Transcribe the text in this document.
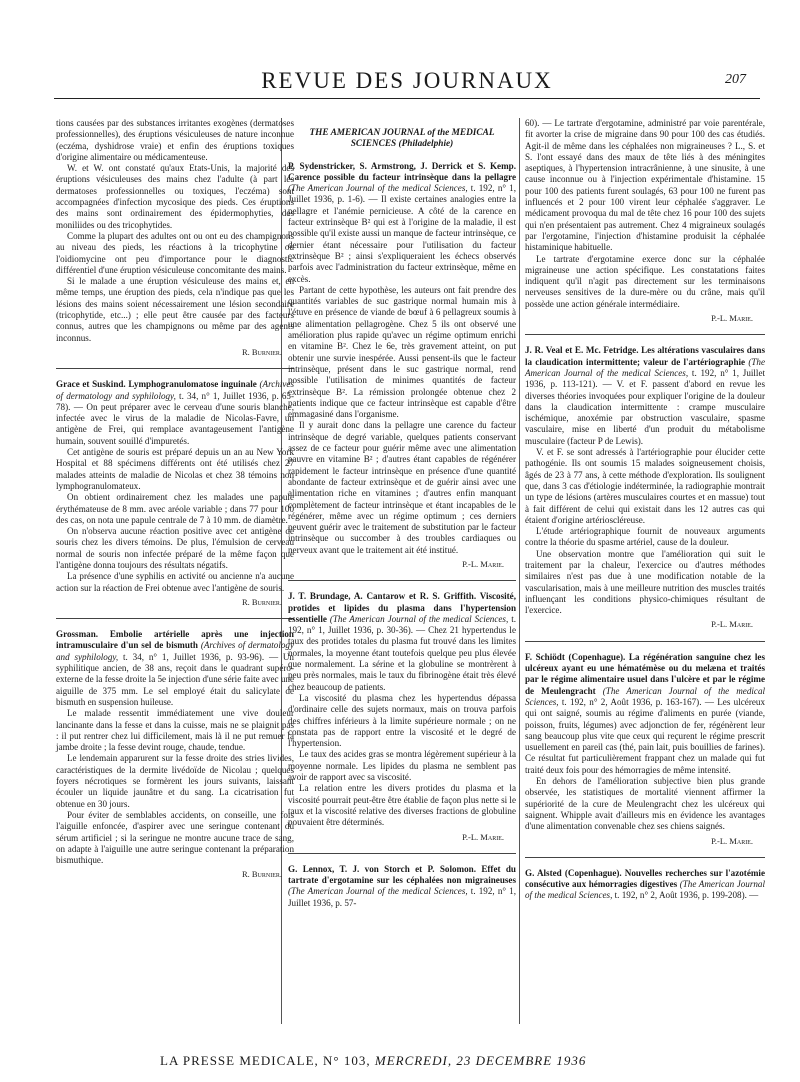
REVUE DES JOURNAUX	207

tions causées par des substances irritantes exogènes (dermatoses professionnelles), des éruptions vésiculeuses de nature inconnue (eczéma, dyshidrose vraie) et enfin des éruptions toxiques d'origine alimentaire ou médicamenteuse.

W. et W. ont constaté qu'aux Etats-Unis, la majorité des éruptions vésiculeuses des mains chez l'adulte (à part les dermatoses professionnelles ou toxiques, l'eczéma) sont accompagnées d'infection mycosique des pieds. Ces éruptions des mains sont ordinairement des épidermophyties, des moniliides ou des tricophytides.

Comme la plupart des adultes ont ou ont eu des champignons au niveau des pieds, les réactions à la tricophytine ou l'oidiomycine ont peu d'importance pour le diagnostic différentiel d'une éruption vésiculeuse concomitante des mains.

Si le malade a une éruption vésiculeuse des mains et, en même temps, une éruption des pieds, cela n'indique pas que les lésions des mains soient nécessairement une lésion secondaire (tricophytide, etc...) ; elle peut être causée par des facteurs connus, autres que les champignons ou même par des agents inconnus.

R. Burnier.

Grace et Suskind. Lymphogranulomatose inguinale (Archives of dermatology and syphilology, t. 34, n° 1, Juillet 1936, p. 65-78). — On peut préparer avec le cerveau d'une souris blanche, infectée avec le virus de la maladie de Nicolas-Favre, un antigène de Frei, qui remplace avantageusement l'antigène humain, souvent souillé d'impuretés.

Cet antigène de souris est préparé depuis un an au New York Hospital et 88 spécimens différents ont été utilisés chez 27 malades atteints de maladie de Nicolas et chez 38 témoins non lymphogranulomateux.

On obtient ordinairement chez les malades une papule érythémateuse de 8 mm. avec aréole variable ; dans 77 pour 100 des cas, on nota une papule centrale de 7 à 10 mm. de diamètre.

On n'observa aucune réaction positive avec cet antigène de souris chez les divers témoins. De plus, l'émulsion de cerveau normal de souris non infectée préparé de la même façon que l'antigène donna toujours des résultats négatifs.

La présence d'une syphilis en activité ou ancienne n'a aucune action sur la réaction de Frei obtenue avec l'antigène de souris.

R. Burnier.

Grossman. Embolie artérielle après une injection intramusculaire d'un sel de bismuth (Archives of dermatology and syphilology, t. 34, n° 1, Juillet 1936, p. 93-96). — Un syphilitique ancien, de 38 ans, reçoit dans le quadrant supéro-externe de la fesse droite la 5e injection d'une série faite avec une aiguille de 375 mm. Le sel employé était du salicylate de bismuth en suspension huileuse.

Le malade ressentit immédiatement une vive douleur lancinante dans la fesse et dans la cuisse, mais ne se plaignit pas : il put rentrer chez lui difficilement, mais là il ne put remuer la jambe droite ; la fesse devint rouge, chaude, tendue.

Le lendemain apparurent sur la fesse droite des stries livides, caractéristiques de la dermite livédoïde de Nicolau ; quelques foyers nécrotiques se formèrent les jours suivants, laissant écouler un liquide jaunâtre et du sang. La cicatrisation fut obtenue en 30 jours.

Pour éviter de semblables accidents, on conseille, une fois l'aiguille enfoncée, d'aspirer avec une seringue contenant du sérum artificiel ; si la seringue ne montre aucune trace de sang, on adapte à l'aiguille une autre seringue contenant la préparation bismuthique.

R. Burnier.

THE AMERICAN JOURNAL of the MEDICAL SCIENCES (Philadelphie)

P. Sydenstricker, S. Armstrong, J. Derrick et S. Kemp. Carence possible du facteur intrinsèque dans la pellagre (The American Journal of the medical Sciences, t. 192, n° 1, Juillet 1936, p. 1-6). — Il existe certaines analogies entre la pellagre et l'anémie pernicieuse. A côté de la carence en facteur extrinsèque B² qui est à l'origine de la maladie, il est possible qu'il existe aussi un manque de facteur intrinsèque, ce dernier étant nécessaire pour l'utilisation du facteur extrinsèque B² ; ainsi s'expliqueraient les échecs observés parfois avec l'administration du facteur extrinsèque, même en excès.

Partant de cette hypothèse, les auteurs ont fait prendre des quantités variables de suc gastrique normal humain mis à l'étuve en présence de viande de bœuf à 6 pellagreux soumis à une alimentation pellagrogène. Chez 5 ils ont observé une amélioration plus rapide qu'avec un régime optimum enrichi en vitamine B². Chez le 6e, très gravement atteint, on put obtenir une survie inespérée. Aussi pensent-ils que le facteur intrinsèque, présent dans le suc gastrique normal, rend possible l'utilisation de minimes quantités de facteur extrinsèque B². La rémission prolongée obtenue chez 2 patients indique que ce facteur intrinsèque est capable d'être emmagasiné dans l'organisme.

Il y aurait donc dans la pellagre une carence du facteur intrinsèque de degré variable, quelques patients conservant assez de ce facteur pour guérir même avec une alimentation pauvre en vitamine B² ; d'autres étant capables de régénérer rapidement le facteur intrinsèque en présence d'une quantité abondante de facteur extrinsèque et de guérir ainsi avec une alimentation riche en vitamines ; d'autres enfin manquant complètement de facteur intrinsèque et étant incapables de le régénérer, même avec un régime optimum ; ces derniers peuvent guérir avec le traitement de substitution par le facteur intrinsèque ou succomber à des troubles cardiaques ou nerveux avant que le traitement ait été institué.

P.-L. Marie.

J. T. Brundage, A. Cantarow et R. S. Griffith. Viscosité, protides et lipides du plasma dans l'hypertension essentielle (The American Journal of the medical Sciences, t. 192, n° 1, Juillet 1936, p. 30-36). — Chez 21 hypertendus le taux des protides totales du plasma fut trouvé dans les limites normales, la moyenne étant toutefois quelque peu plus élevée que normalement. La sérine et la globuline se montrèrent à peu près normales, mais le taux du fibrinogène était très élevé chez beaucoup de patients.

La viscosité du plasma chez les hypertendus dépassa d'ordinaire celle des sujets normaux, mais on trouva parfois des chiffres inférieurs à la limite supérieure normale ; on ne constata pas de rapport entre la viscosité et le degré de l'hypertension.

Le taux des acides gras se montra légèrement supérieur à la moyenne normale. Les lipides du plasma ne semblent pas avoir de rapport avec sa viscosité.

La relation entre les divers protides du plasma et la viscosité pourrait peut-être être établie de façon plus nette si le taux et la viscosité relative des diverses fractions de globuline pouvaient être déterminés.

P.-L. Marie.

G. Lennox, T. J. von Storch et P. Solomon. Effet du tartrate d'ergotamine sur les céphalées non migraineuses (The American Journal of the medical Sciences, t. 192, n° 1, Juillet 1936, p. 57-

60). — Le tartrate d'ergotamine, administré par voie parentérale, fit avorter la crise de migraine dans 90 pour 100 des cas étudiés. Agit-il de même dans les céphalées non migraineuses ? L., S. et S. l'ont essayé dans des maux de tête liés à des méningites aseptiques, à l'hypertension intracrânienne, à une sinusite, à une cause inconnue ou à l'injection expérimentale d'histamine. 15 pour 100 des patients furent soulagés, 63 pour 100 ne furent pas influencés et 2 pour 100 virent leur céphalée s'aggraver. Le médicament provoqua du mal de tête chez 16 pour 100 des sujets qui n'en présentaient pas autrement. Chez 4 migraineux soulagés par l'ergotamine, l'injection d'histamine produisit la céphalée histaminique habituelle.

Le tartrate d'ergotamine exerce donc sur la céphalée migraineuse une action spécifique. Les constatations faites indiquent qu'il n'agit pas directement sur les terminaisons nerveuses sensitives de la dure-mère ou du crâne, mais qu'il possède une action générale intermédiaire.

P.-L. Marie.

J. R. Veal et E. Mc. Fetridge. Les altérations vasculaires dans la claudication intermittente; valeur de l'artériographie (The American Journal of the medical Sciences, t. 192, n° 1, Juillet 1936, p. 113-121). — V. et F. passent d'abord en revue les diverses théories invoquées pour expliquer l'origine de la douleur dans la claudication intermittente : crampe musculaire ischémique, anoxémie par obstruction vasculaire, spasme vasculaire, mise en liberté d'un produit du métabolisme musculaire (facteur P de Lewis).

V. et F. se sont adressés à l'artériographie pour élucider cette pathogénie. Ils ont soumis 15 malades soigneusement choisis, âgés de 23 à 77 ans, à cette méthode d'exploration. Ils soulignent que, dans 3 cas d'étiologie indéterminée, la radiographie montrait un type de lésions (artères musculaires courtes et en massue) tout à fait différent de celui qui existait dans les 12 autres cas qui étaient d'origine artérioscléreuse.

L'étude artériographique fournit de nouveaux arguments contre la théorie du spasme artériel, cause de la douleur.

Une observation montre que l'amélioration qui suit le traitement par la chaleur, l'exercice ou d'autres méthodes similaires n'est pas due à une modification notable de la vascularisation, mais à une meilleure nutrition des muscles traités influençant les conditions physico-chimiques résultant de l'exercice.

P.-L. Marie.

F. Schiödt (Copenhague). La régénération sanguine chez les ulcéreux ayant eu une hématémèse ou du melæna et traités par le régime alimentaire usuel dans l'ulcère et par le régime de Meulengracht (The American Journal of the medical Sciences, t. 192, n° 2, Août 1936, p. 163-167). — Les ulcéreux qui ont saigné, soumis au régime d'aliments en purée (viande, poisson, fruits, légumes) avec adjonction de fer, régénèrent leur sang beaucoup plus vite que ceux qui reçurent le régime prescrit usuellement en pareil cas (thé, pain lait, puis bouillies de farines). Ce résultat fut particulièrement frappant chez un malade qui fut traité deux fois pour des hémorragies de même intensité.

En dehors de l'amélioration subjective bien plus grande observée, les statistiques de mortalité viennent affirmer la supériorité de la cure de Meulengracht chez les ulcéreux qui saignent. Whipple avait d'ailleurs mis en évidence les avantages d'une alimentation convenable chez ses chiens saignés.

P.-L. Marie.

G. Alsted (Copenhague). Nouvelles recherches sur l'azotémie consécutive aux hémorragies digestives (The American Journal of the medical Sciences, t. 192, n° 2, Août 1936, p. 199-208). —

LA PRESSE MEDICALE, N° 103, MERCREDI, 23 DECEMBRE 1936
